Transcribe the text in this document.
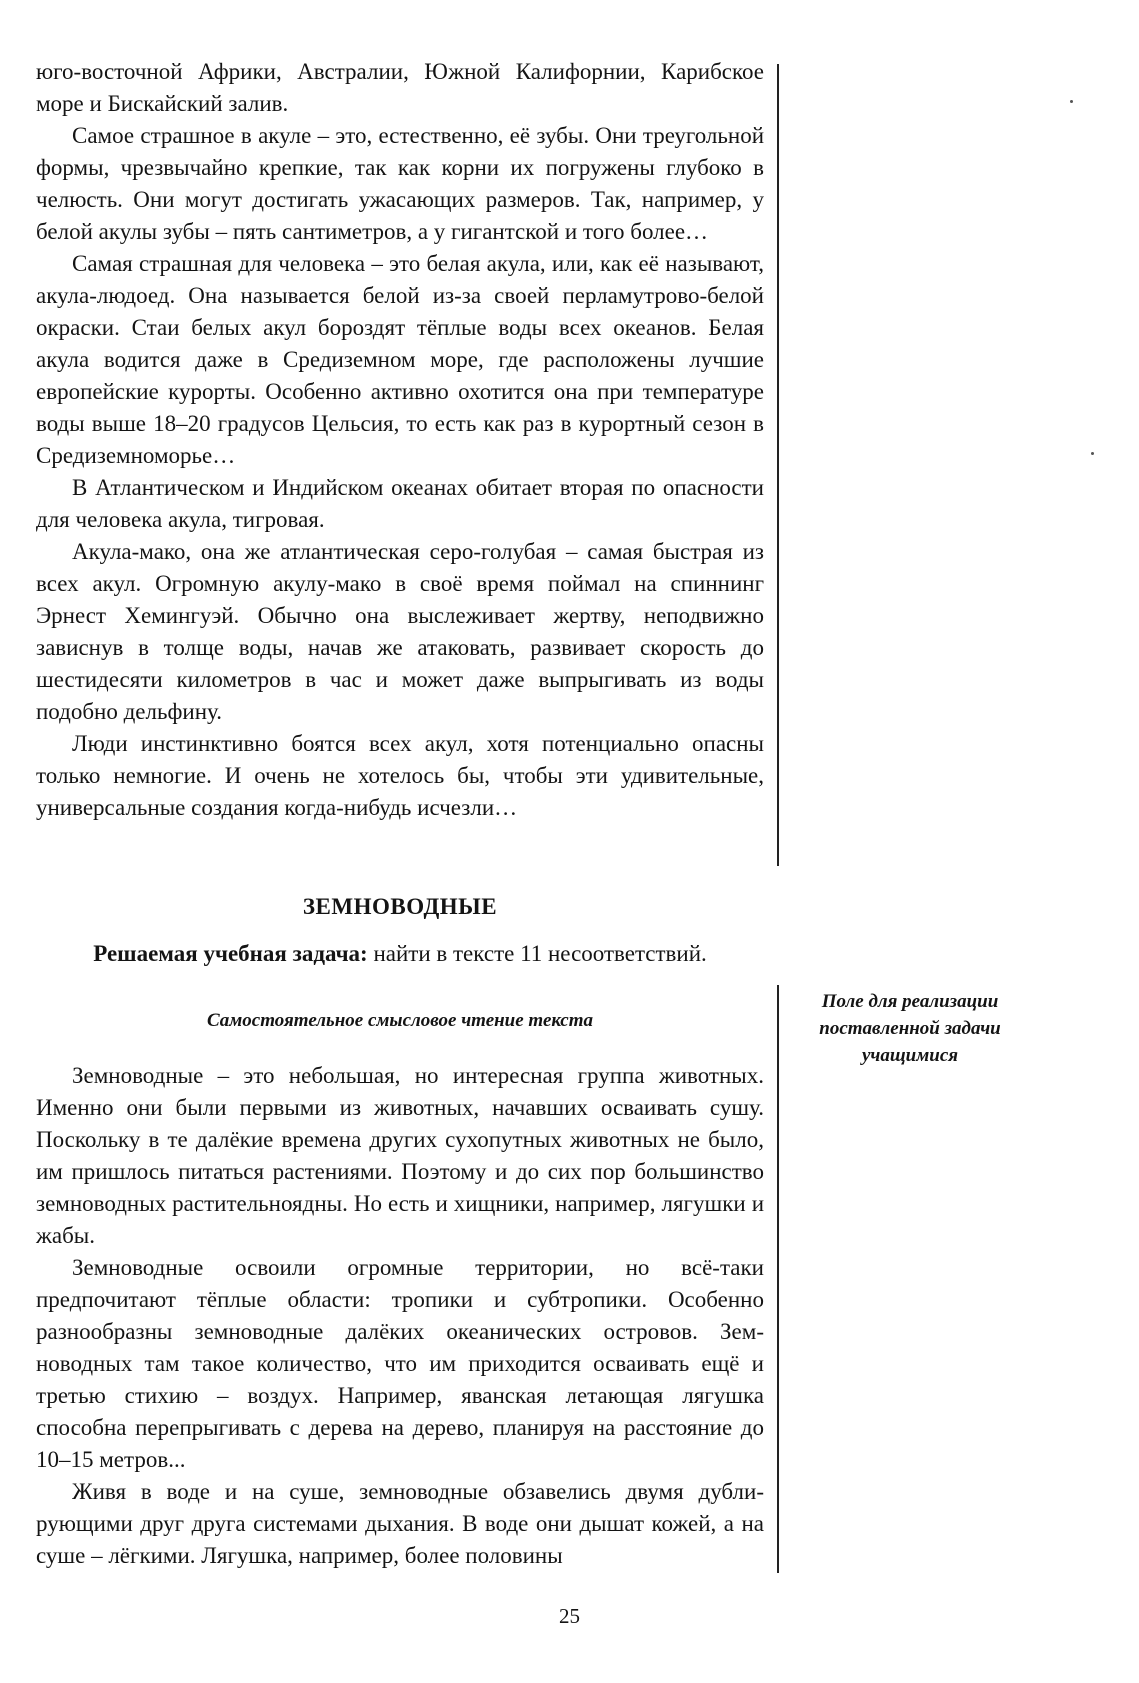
юго-восточной Африки, Австралии, Южной Калифорнии, Карибское море и Бискайский залив.

Самое страшное в акуле – это, естественно, её зубы. Они треугольной формы, чрезвычайно крепкие, так как корни их погружены глубоко в челюсть. Они могут достигать ужасающих размеров. Так, например, у белой акулы зубы – пять сантиметров, а у гигантской и того более…

Самая страшная для человека – это белая акула, или, как её называют, акула-людоед. Она называется белой из-за своей перламутрово-белой окраски. Стаи белых акул бороздят тёплые воды всех океанов. Белая акула водится даже в Средиземном море, где расположены лучшие европейские курорты. Особенно активно охотится она при температуре воды выше 18–20 градусов Цельсия, то есть как раз в курортный сезон в Средиземноморье…

В Атлантическом и Индийском океанах обитает вторая по опасности для человека акула, тигровая.

Акула-мако, она же атлантическая серо-голубая – самая быстрая из всех акул. Огромную акулу-мако в своё время поймал на спиннинг Эрнест Хемингуэй. Обычно она выслеживает жертву, неподвижно зависнув в толще воды, начав же атаковать, развивает скорость до шестидесяти километров в час и может даже выпрыгивать из воды подобно дельфину.

Люди инстинктивно боятся всех акул, хотя потенциально опасны только немногие. И очень не хотелось бы, чтобы эти удивительные, универсальные создания когда-нибудь исчезли…

ЗЕМНОВОДНЫЕ

Решаемая учебная задача: найти в тексте 11 несоответствий.

Самостоятельное смысловое чтение текста

Поле для реализации поставленной задачи учащимися

Земноводные – это небольшая, но интересная группа животных. Именно они были первыми из животных, начавших осваивать сушу. Поскольку в те далёкие времена других сухопутных животных не было, им пришлось питаться растениями. Поэтому и до сих пор большинство земноводных растительноядны. Но есть и хищники, например, лягушки и жабы.

Земноводные освоили огромные территории, но всё-таки предпочитают тёплые области: тропики и субтропики. Особенно разнообразны земноводные далёких океанических островов. Земноводных там такое количество, что им приходится осваивать ещё и третью стихию – воздух. Например, яванская летающая лягушка способна перепрыгивать с дерева на дерево, планируя на расстояние до 10–15 метров...

Живя в воде и на суше, земноводные обзавелись двумя дублирующими друг друга системами дыхания. В воде они дышат кожей, а на суше – лёгкими. Лягушка, например, более половины

25
